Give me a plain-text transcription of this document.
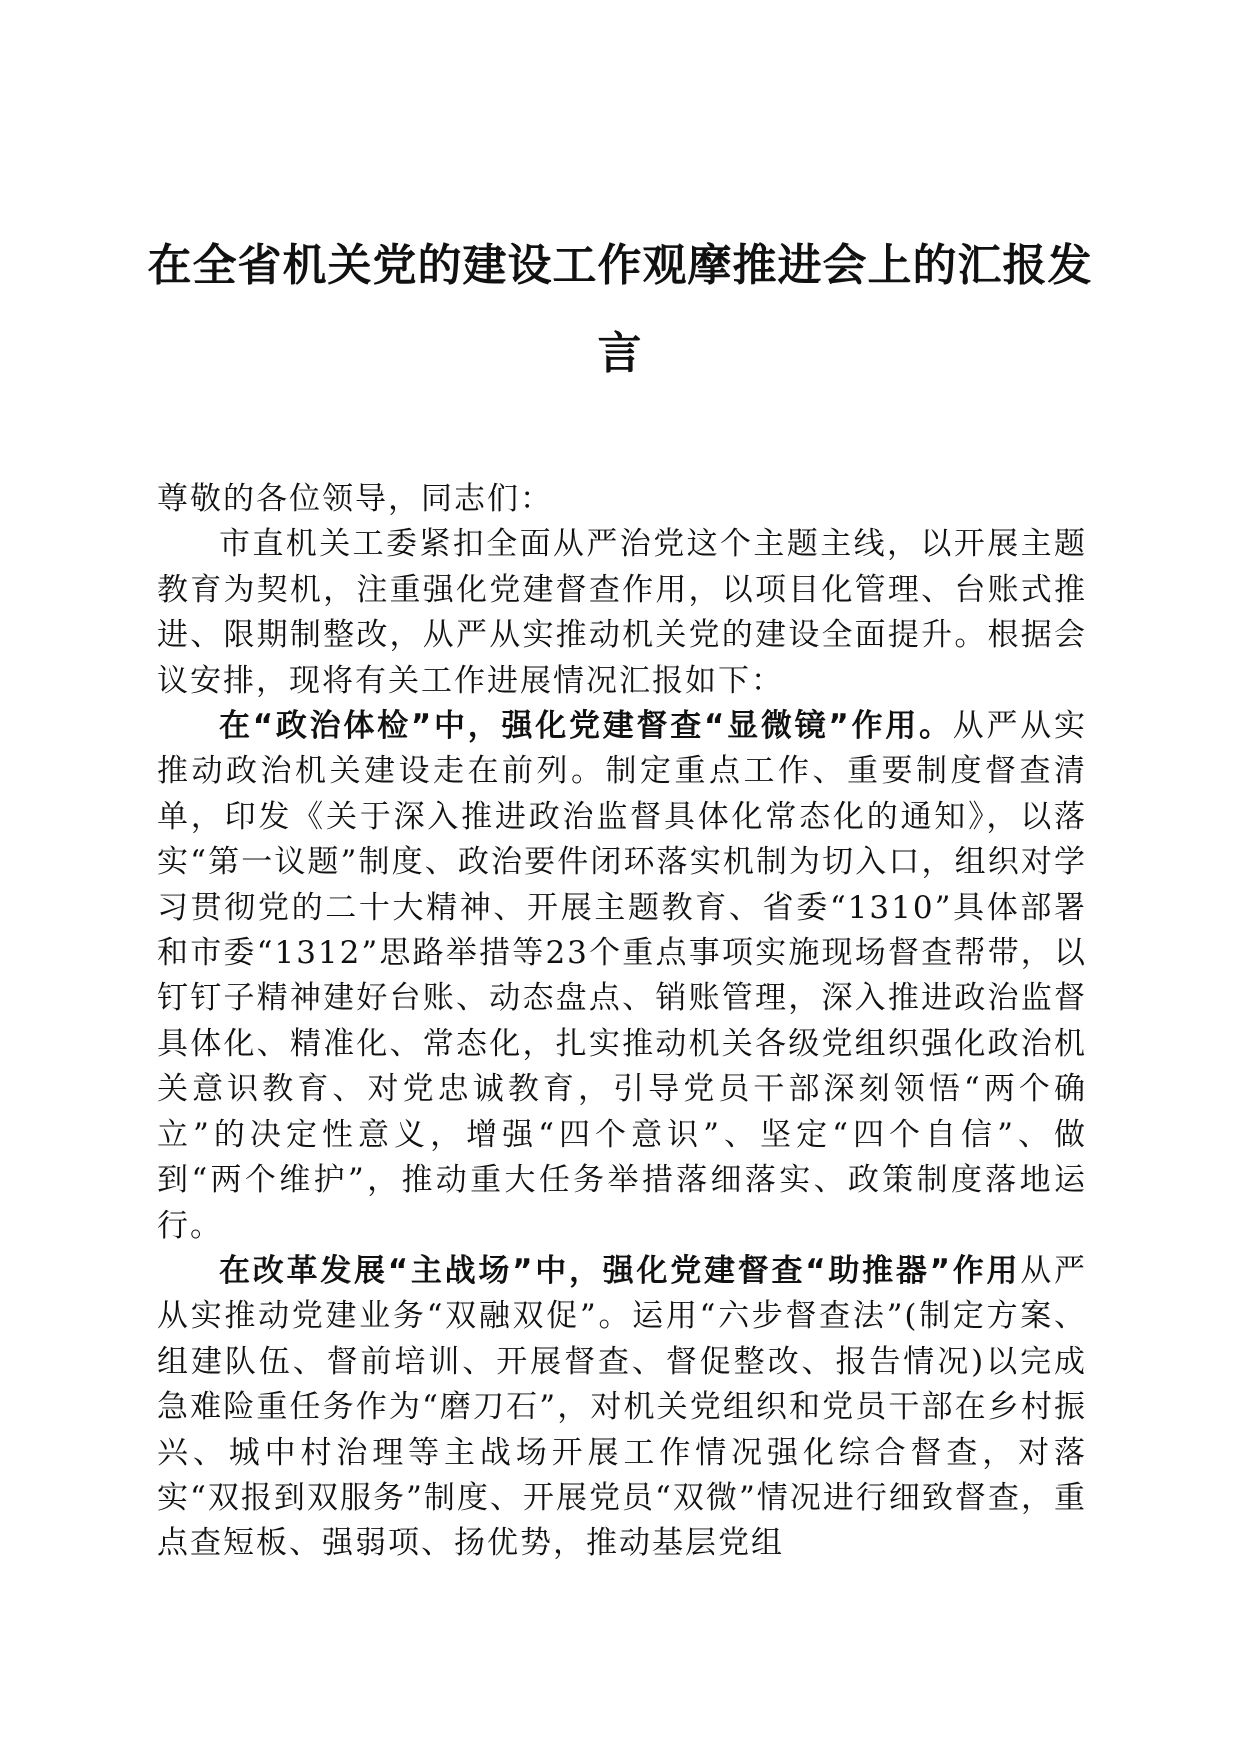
在全省机关党的建设工作观摩推进会上的汇报发言

尊敬的各位领导，同志们：

市直机关工委紧扣全面从严治党这个主题主线，以开展主题教育为契机，注重强化党建督查作用，以项目化管理、台账式推进、限期制整改，从严从实推动机关党的建设全面提升。根据会议安排，现将有关工作进展情况汇报如下：

在“政治体检”中，强化党建督查“显微镜”作用。从严从实推动政治机关建设走在前列。制定重点工作、重要制度督查清单，印发《关于深入推进政治监督具体化常态化的通知》，以落实“第一议题”制度、政治要件闭环落实机制为切入口，组织对学习贯彻党的二十大精神、开展主题教育、省委“1310”具体部署和市委“1312”思路举措等23个重点事项实施现场督查帮带，以钉钉子精神建好台账、动态盘点、销账管理，深入推进政治监督具体化、精准化、常态化，扎实推动机关各级党组织强化政治机关意识教育、对党忠诚教育，引导党员干部深刻领悟“两个确立”的决定性意义，增强“四个意识”、坚定“四个自信”、做到“两个维护”，推动重大任务举措落细落实、政策制度落地运行。

在改革发展“主战场”中，强化党建督查“助推器”作用从严从实推动党建业务“双融双促”。运用“六步督查法”(制定方案、组建队伍、督前培训、开展督查、督促整改、报告情况)以完成急难险重任务作为“磨刀石”，对机关党组织和党员干部在乡村振兴、城中村治理等主战场开展工作情况强化综合督查，对落实“双报到双服务”制度、开展党员“双微”情况进行细致督查，重点查短板、强弱项、扬优势，推动基层党组
